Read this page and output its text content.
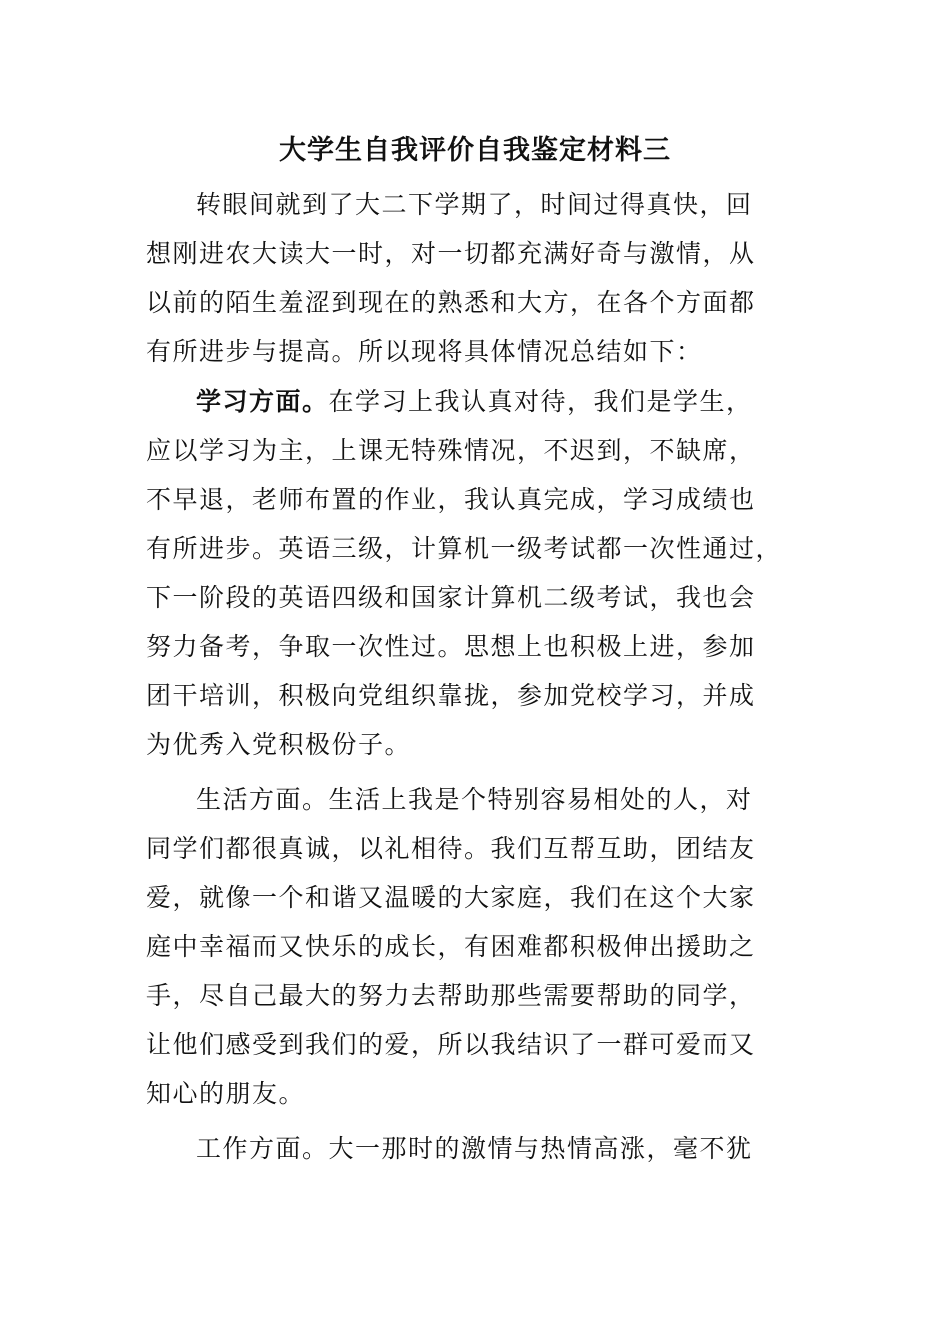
大学生自我评价自我鉴定材料三
转眼间就到了大二下学期了，时间过得真快，回
想刚进农大读大一时，对一切都充满好奇与激情，从
以前的陌生羞涩到现在的熟悉和大方，在各个方面都
有所进步与提高。所以现将具体情况总结如下：
学习方面。在学习上我认真对待，我们是学生，
应以学习为主，上课无特殊情况，不迟到，不缺席，
不早退，老师布置的作业，我认真完成，学习成绩也
有所进步。英语三级，计算机一级考试都一次性通过，
下一阶段的英语四级和国家计算机二级考试，我也会
努力备考，争取一次性过。思想上也积极上进，参加
团干培训，积极向党组织靠拢，参加党校学习，并成
为优秀入党积极份子。
生活方面。生活上我是个特别容易相处的人，对
同学们都很真诚，以礼相待。我们互帮互助，团结友
爱，就像一个和谐又温暖的大家庭，我们在这个大家
庭中幸福而又快乐的成长，有困难都积极伸出援助之
手，尽自己最大的努力去帮助那些需要帮助的同学，
让他们感受到我们的爱，所以我结识了一群可爱而又
知心的朋友。
工作方面。大一那时的激情与热情高涨，毫不犹
